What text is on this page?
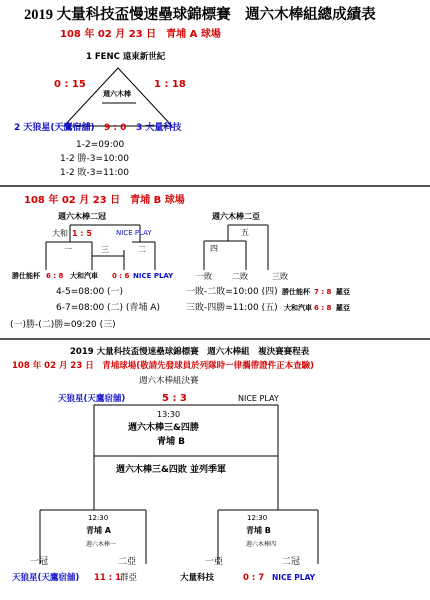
2019 大量科技盃慢速壘球錦標賽　週六木棒組總成績表
108 年 02 月 23 日　青埔 A 球場
1 FENC 遠東新世紀
週六木棒
0 : 15	1 : 18
2 天狼星(天鷹宿舖) 9 : 0 3 大量科技
1-2=09:00
1-2 勝-3=10:00
1-2 敗-3=11:00
108 年 02 月 23 日　青埔 B 球場
週六木棒二冠	週六木棒二亞
大和 1 : 5	NICE PLAY
一	三	二
五
四
勝仕能杯 6 : 8 大和汽車 0 : 6 NICE PLAY	一敗	二敗	三敗
4-5=08:00 (一)
6-7=08:00 (二) (青埔 A)
(一)勝-(二)勝=09:20 (三)
一敗-二敗=10:00 (四)
三敗-四勝=11:00 (五)
勝仕能杯 7 : 8 羅亞
大和汽車 6 : 8 羅亞
2019 大量科技盃慢速壘球錦標賽　週六木棒組　複決賽賽程表
108 年 02 月 23 日　青埔球場(敬請先發球員於列隊時一律攜帶證件正本查驗)
週六木棒組決賽
天狼星(天鷹宿舖)	5 : 3	NICE PLAY
13:30
週六木棒三&四勝
青埔 B
週六木棒三&四敗 並列季軍
12:30
青埔 A
週六木棒一
12:30
青埔 B
週六木棒四
一冠	二亞	一亞	二冠
天狼星(天鷹宿舖) 11 : 1
群亞	大量科技	0 : 7 NICE PLAY
